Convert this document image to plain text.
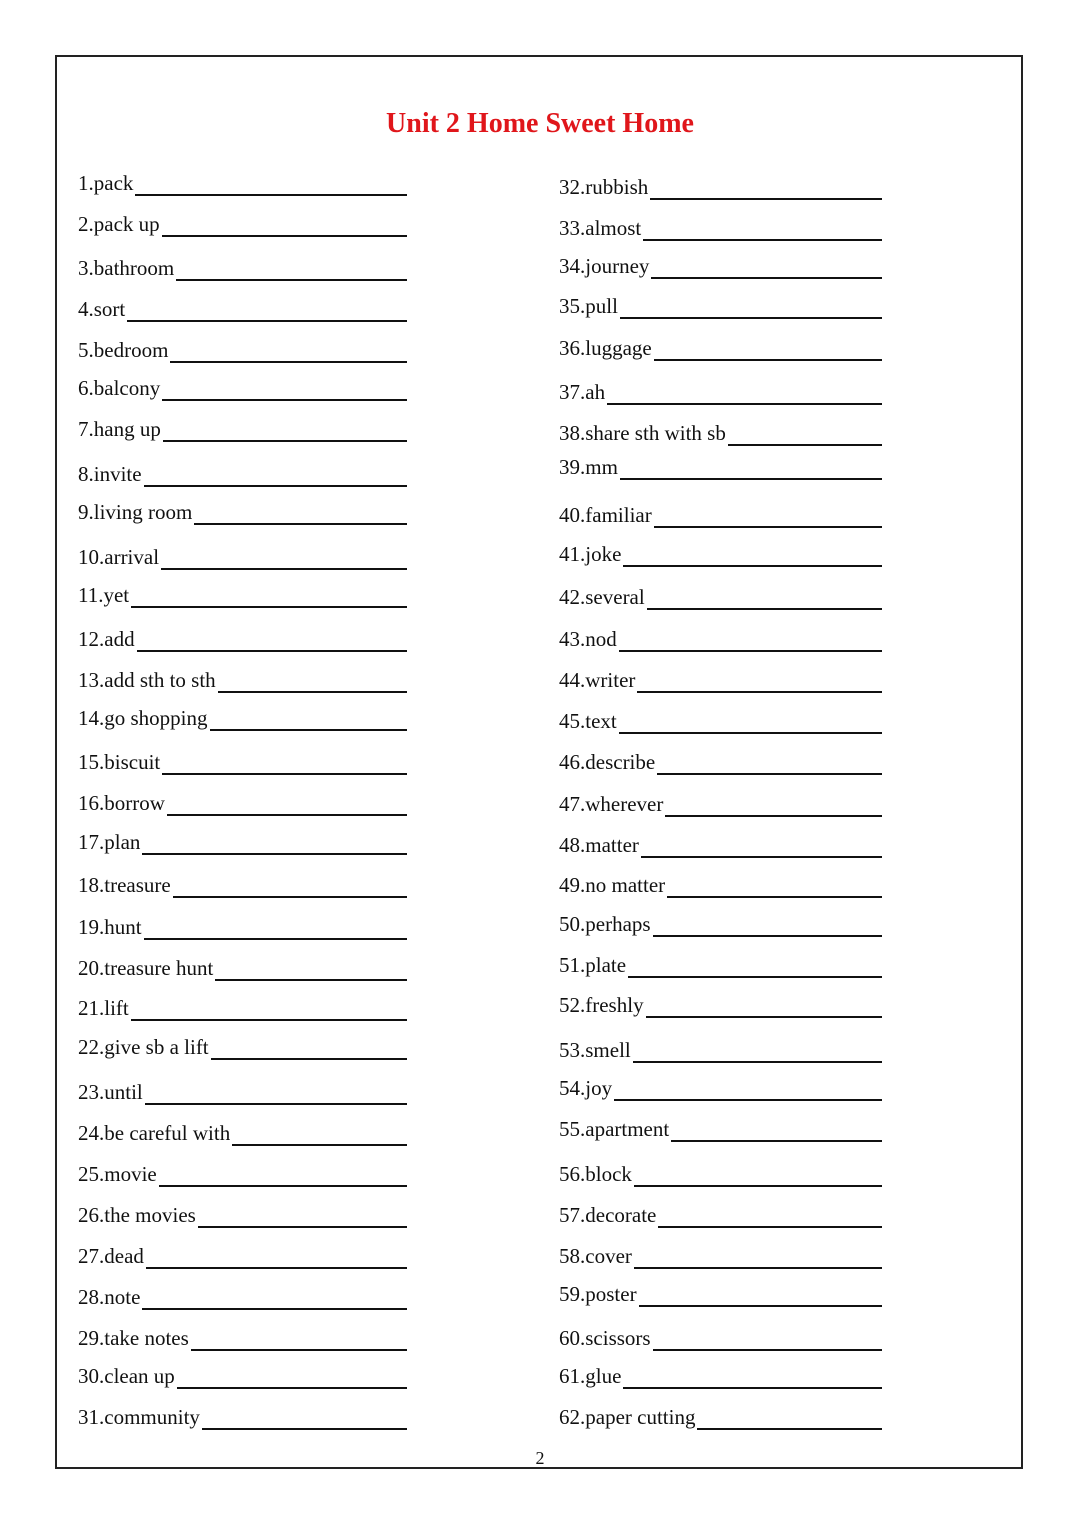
Unit 2 Home Sweet Home
1.pack
2.pack up
3.bathroom
4.sort
5.bedroom
6.balcony
7.hang up
8.invite
9.living room
10.arrival
11.yet
12.add
13.add sth to sth
14.go shopping
15.biscuit
16.borrow
17.plan
18.treasure
19.hunt
20.treasure hunt
21.lift
22.give sb a lift
23.until
24.be careful with
25.movie
26.the movies
27.dead
28.note
29.take notes
30.clean up
31.community
32.rubbish
33.almost
34.journey
35.pull
36.luggage
37.ah
38.share sth with sb
39.mm
40.familiar
41.joke
42.several
43.nod
44.writer
45.text
46.describe
47.wherever
48.matter
49.no matter
50.perhaps
51.plate
52.freshly
53.smell
54.joy
55.apartment
56.block
57.decorate
58.cover
59.poster
60.scissors
61.glue
62.paper cutting
2
